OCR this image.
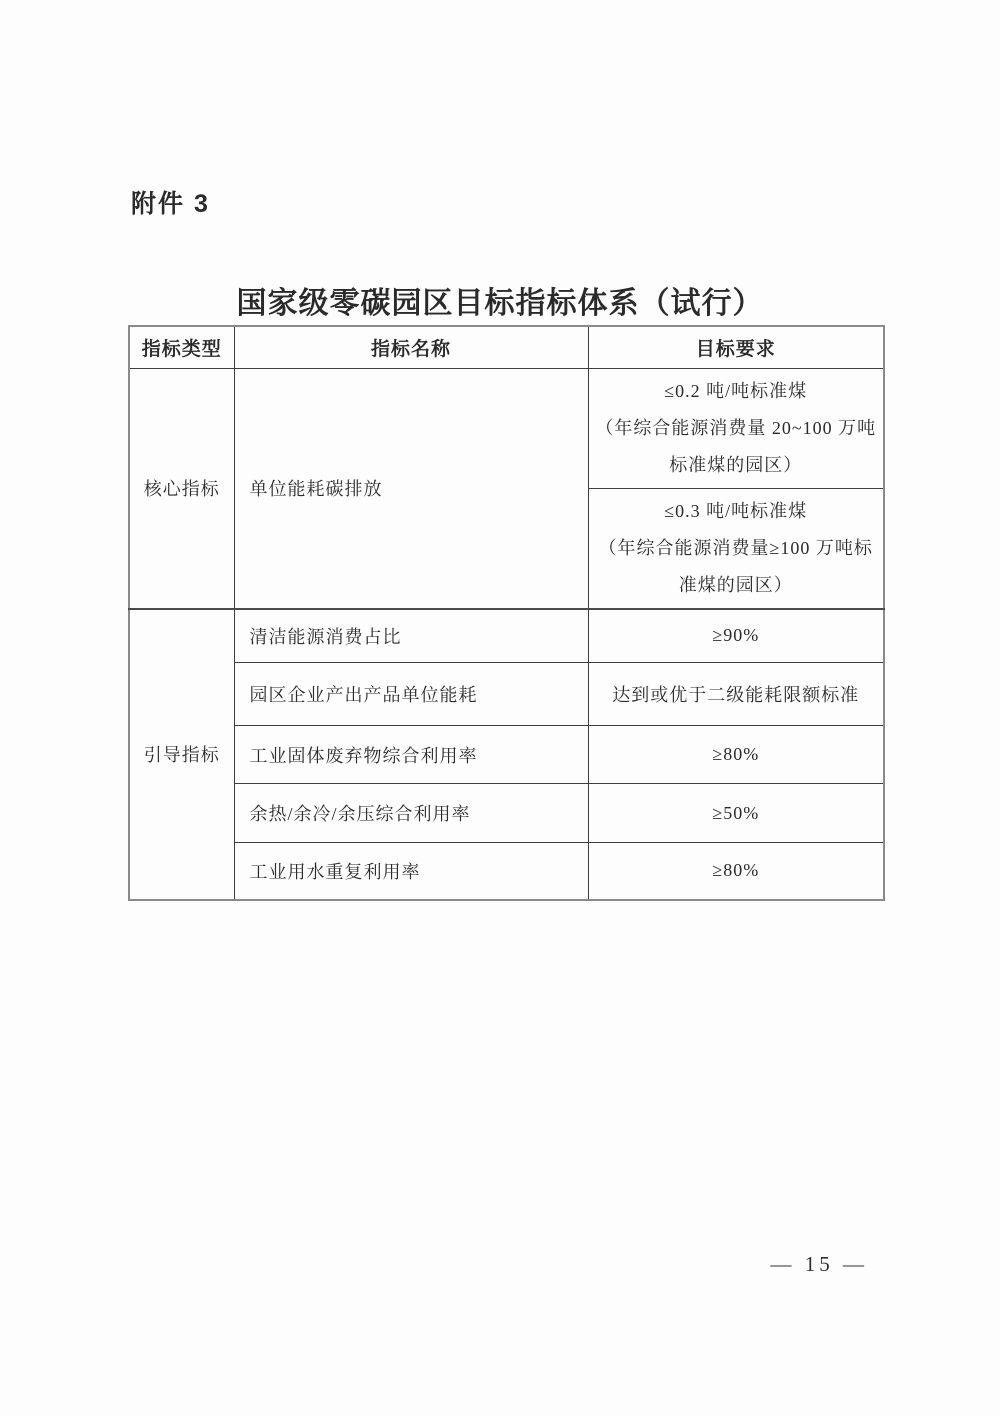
附件 3
国家级零碳园区目标指标体系（试行）
指标类型	指标名称	目标要求
核心指标	单位能耗碳排放	≤0.2 吨/吨标准煤
（年综合能源消费量 20~100 万吨
标准煤的园区）

		≤0.3 吨/吨标准煤
（年综合能源消费量≥100 万吨标
准煤的园区）

引导指标	清洁能源消费占比	≥90%
	园区企业产出产品单位能耗	达到或优于二级能耗限额标准
	工业固体废弃物综合利用率	≥80%
	余热/余冷/余压综合利用率	≥50%
	工业用水重复利用率	≥80%
— 15 —
